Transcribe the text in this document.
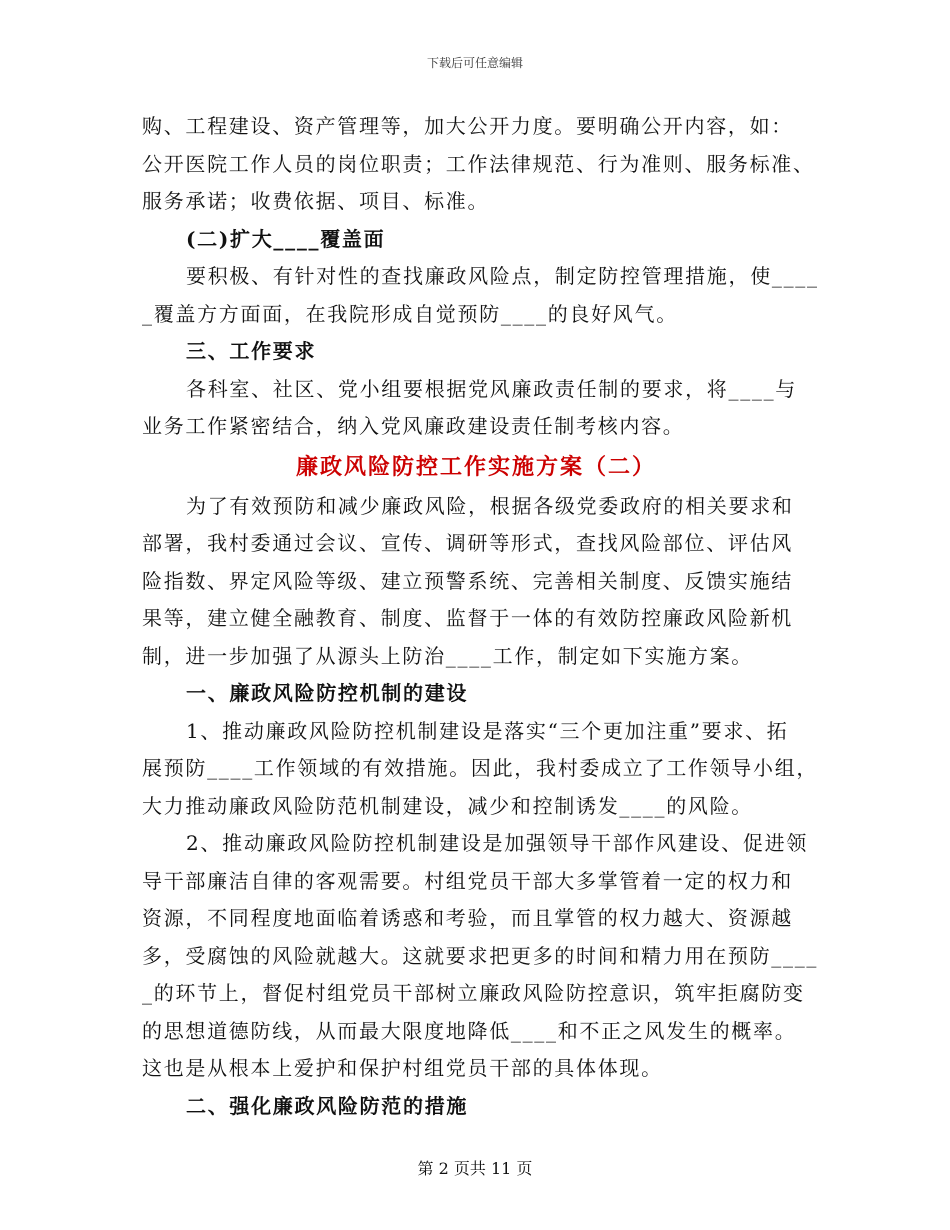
下载后可任意编辑
购、工程建设、资产管理等，加大公开力度。要明确公开内容，如：
公开医院工作人员的岗位职责；工作法律规范、行为准则、服务标准、
服务承诺；收费依据、项目、标准。
(二)扩大____覆盖面
要积极、有针对性的查找廉政风险点，制定防控管理措施，使____
_覆盖方方面面，在我院形成自觉预防____的良好风气。
三、工作要求
各科室、社区、党小组要根据党风廉政责任制的要求，将____与
业务工作紧密结合，纳入党风廉政建设责任制考核内容。
廉政风险防控工作实施方案（二）
为了有效预防和减少廉政风险，根据各级党委政府的相关要求和
部署，我村委通过会议、宣传、调研等形式，查找风险部位、评估风
险指数、界定风险等级、建立预警系统、完善相关制度、反馈实施结
果等，建立健全融教育、制度、监督于一体的有效防控廉政风险新机
制，进一步加强了从源头上防治____工作，制定如下实施方案。
一、廉政风险防控机制的建设
1、推动廉政风险防控机制建设是落实“三个更加注重”要求、拓
展预防____工作领域的有效措施。因此，我村委成立了工作领导小组，
大力推动廉政风险防范机制建设，减少和控制诱发____的风险。
2、推动廉政风险防控机制建设是加强领导干部作风建设、促进领
导干部廉洁自律的客观需要。村组党员干部大多掌管着一定的权力和
资源，不同程度地面临着诱惑和考验，而且掌管的权力越大、资源越
多，受腐蚀的风险就越大。这就要求把更多的时间和精力用在预防____
_的环节上，督促村组党员干部树立廉政风险防控意识，筑牢拒腐防变
的思想道德防线，从而最大限度地降低____和不正之风发生的概率。
这也是从根本上爱护和保护村组党员干部的具体体现。
二、强化廉政风险防范的措施
第 2 页共 11 页
